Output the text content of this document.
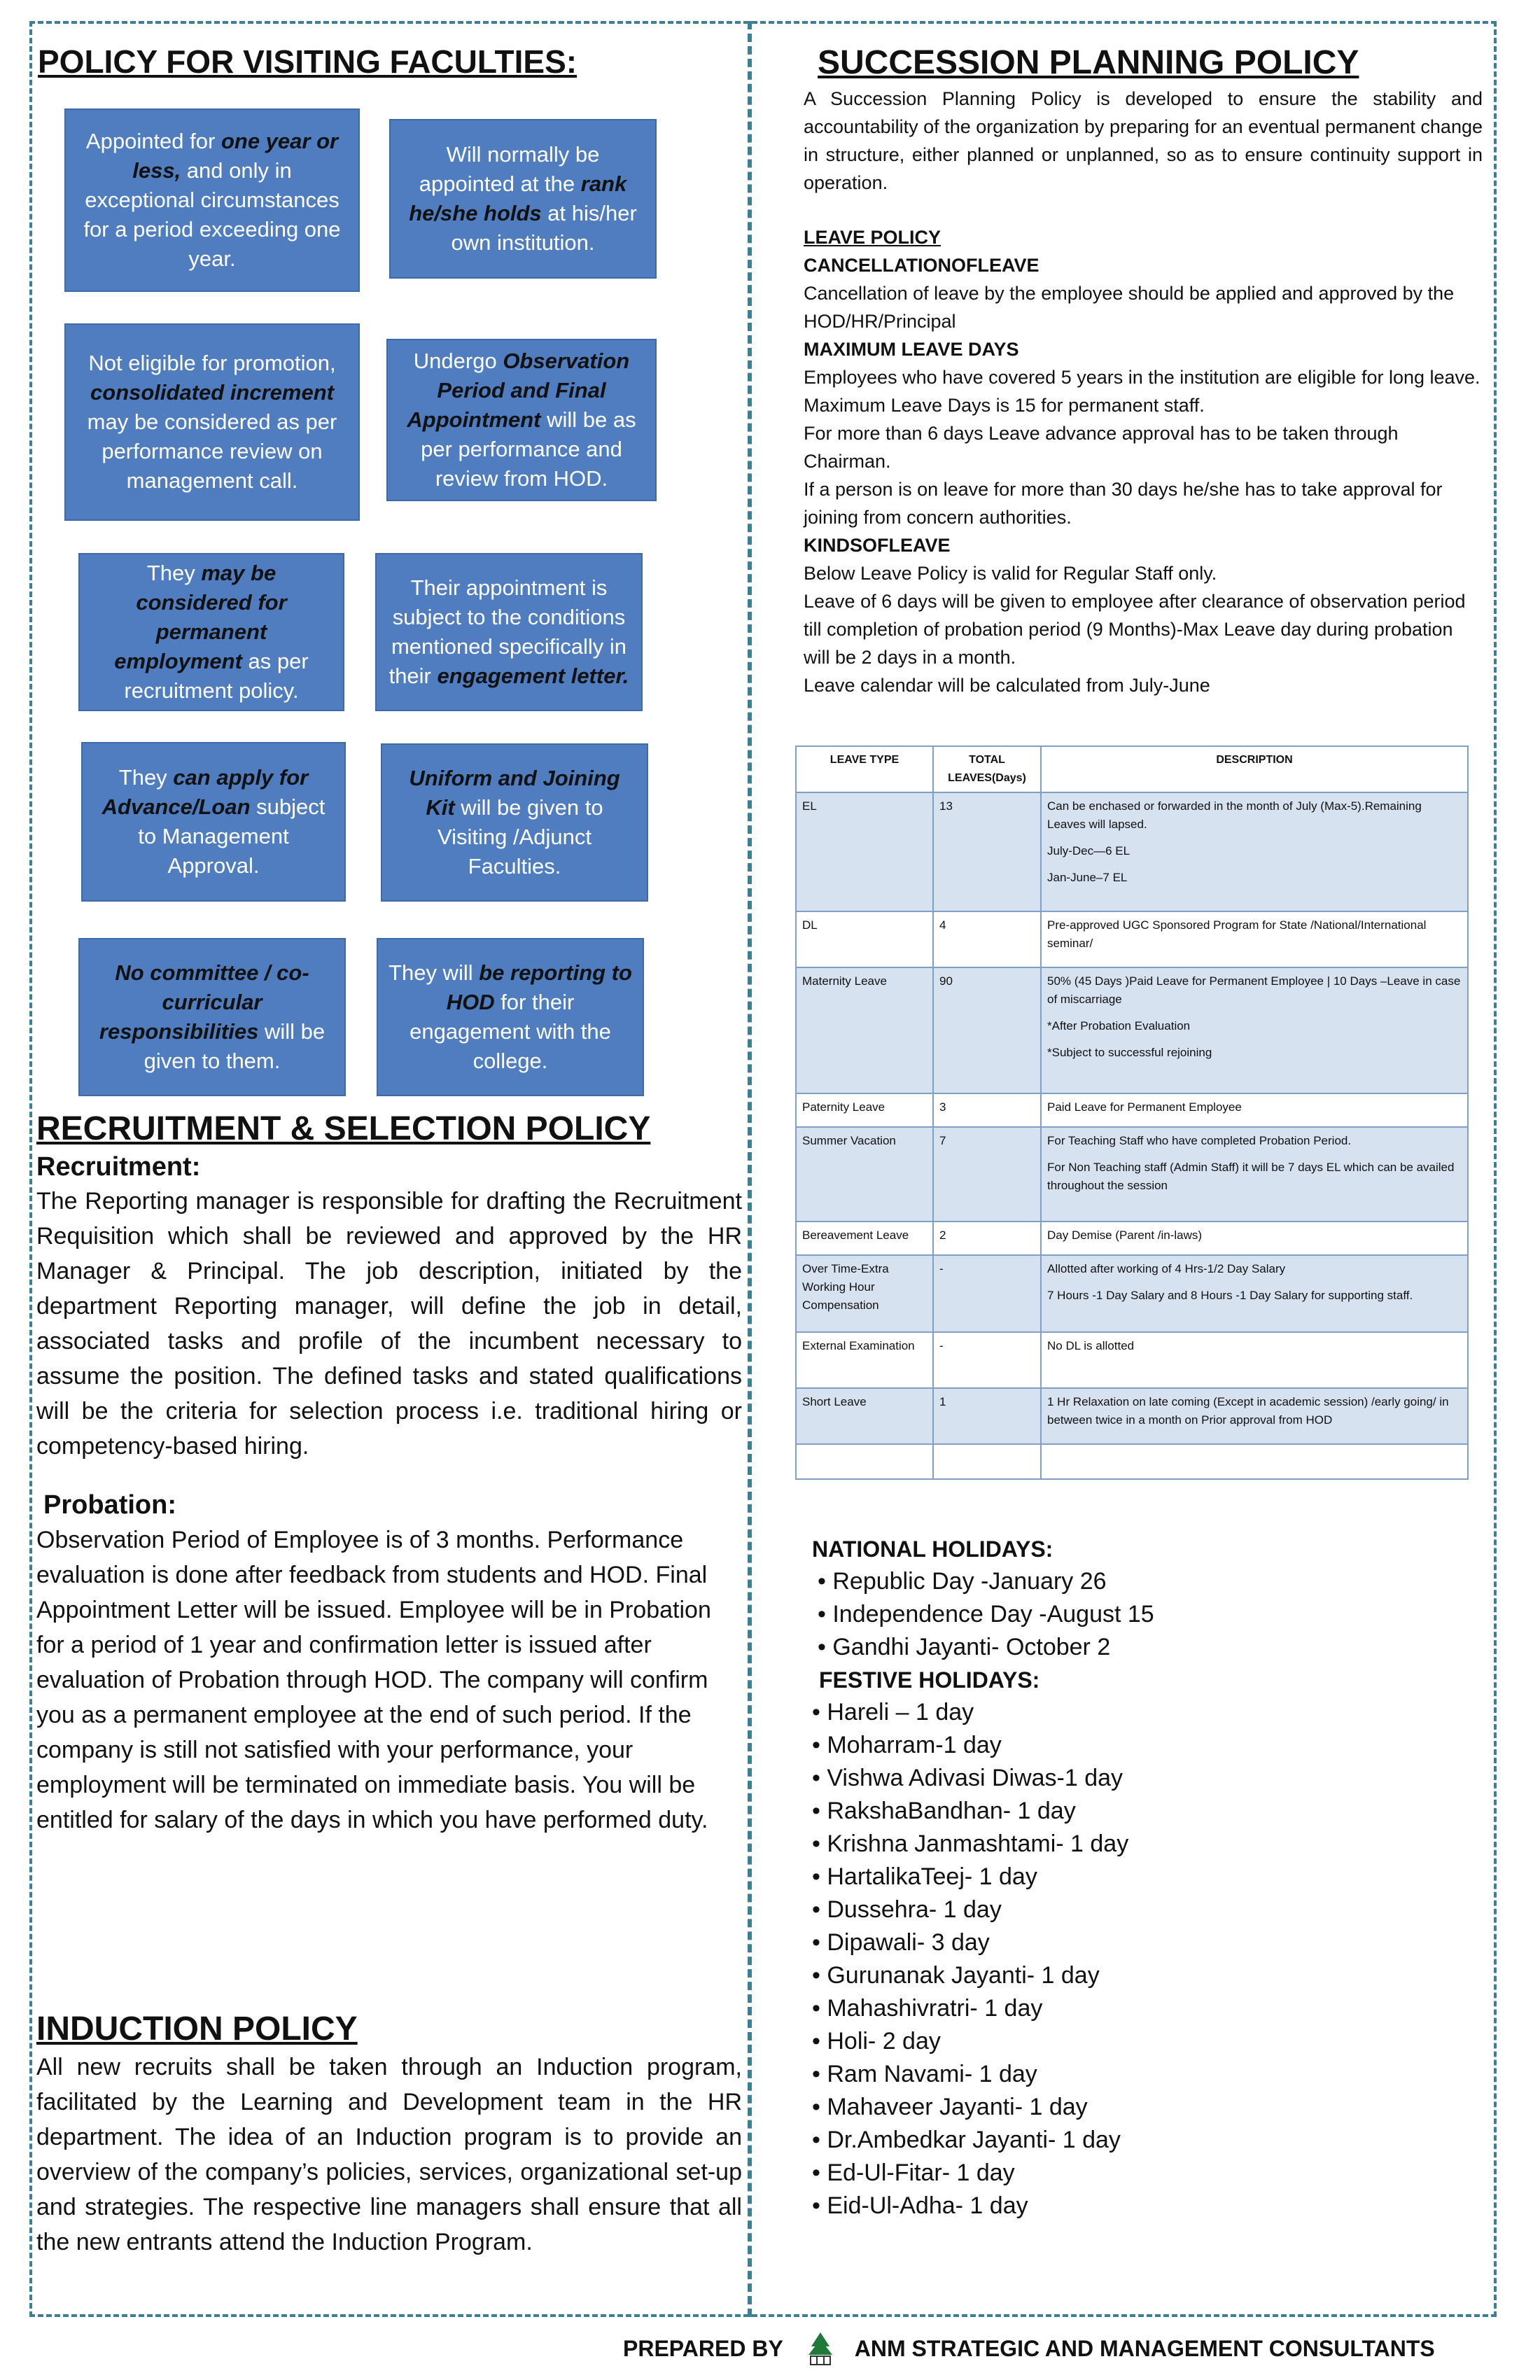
POLICY FOR VISITING FACULTIES:
Appointed for one year or less, and only in exceptional circumstances for a period exceeding one year.
Will normally be appointed at the rank he/she holds at his/her own institution.
Not eligible for promotion, consolidated increment may be considered as per performance review on management call.
Undergo Observation Period and Final Appointment will be as per performance and review from HOD.
They may be considered for permanent employment as per recruitment policy.
Their appointment is subject to the conditions mentioned specifically in their engagement letter.
They can apply for Advance/Loan subject to Management Approval.
Uniform and Joining Kit will be given to Visiting /Adjunct Faculties.
No committee / co-curricular responsibilities will be given to them.
They will be reporting to HOD for their engagement with the college.
RECRUITMENT & SELECTION POLICY
Recruitment:

The Reporting manager is responsible for drafting the Recruitment Requisition which shall be reviewed and approved by the HR Manager & Principal. The job description, initiated by the department Reporting manager, will define the job in detail, associated tasks and profile of the incumbent necessary to assume the position. The defined tasks and stated qualifications will be the criteria for selection process i.e. traditional hiring or competency-based hiring.

Probation:

Observation Period of Employee is of 3 months. Performance evaluation is done after feedback from students and HOD. Final Appointment Letter will be issued. Employee will be in Probation for a period of 1 year and confirmation letter is issued after evaluation of Probation through HOD. The company will confirm you as a permanent employee at the end of such period. If the company is still not satisfied with your performance, your employment will be terminated on immediate basis. You will be entitled for salary of the days in which you have performed duty.

INDUCTION POLICY

All new recruits shall be taken through an Induction program, facilitated by the Learning and Development team in the HR department. The idea of an Induction program is to provide an overview of the company’s policies, services, organizational set-up and strategies. The respective line managers shall ensure that all the new entrants attend the Induction Program.

SUCCESSION PLANNING POLICY

A Succession Planning Policy is developed to ensure the stability and accountability of the organization by preparing for an eventual permanent change in structure, either planned or unplanned, so as to ensure continuity support in operation.

LEAVE POLICY

CANCELLATIONOFLEAVE

Cancellation of leave by the employee should be applied and approved by the HOD/HR/Principal

MAXIMUM LEAVE DAYS

Employees who have covered 5 years in the institution are eligible for long leave.

Maximum Leave Days is 15 for permanent staff.

For more than 6 days Leave advance approval has to be taken through Chairman.

If a person is on leave for more than 30 days he/she has to take approval for joining from concern authorities.

KINDSOFLEAVE

Below Leave Policy is valid for Regular Staff only.

Leave of 6 days will be given to employee after clearance of observation period till completion of probation period (9 Months)-Max Leave day during probation will be 2 days in a month.

Leave calendar will be calculated from July-June

LEAVE TYPE	TOTAL LEAVES(Days)	DESCRIPTION
EL	13	Can be enchased or forwarded in the month of July (Max-5).Remaining Leaves will lapsed.

July-Dec—6 EL

Jan-June–7 EL

DL	4	Pre-approved UGC Sponsored Program for State /National/International seminar/

Maternity Leave	90	50% (45 Days )Paid Leave for Permanent Employee | 10 Days –Leave in case of miscarriage

*After Probation Evaluation

*Subject to successful rejoining

Paternity Leave	3	Paid Leave for Permanent Employee

Summer Vacation	7	For Teaching Staff who have completed Probation Period.

For Non Teaching staff (Admin Staff) it will be 7 days EL which can be availed throughout the session

Bereavement Leave	2	Day Demise (Parent /in-laws)

Over Time-Extra Working Hour Compensation	-	Allotted after working of 4 Hrs-1/2 Day Salary

7 Hours -1 Day Salary and 8 Hours -1 Day Salary for supporting staff.

External Examination	-	No DL is allotted

Short Leave	1	1 Hr Relaxation on late coming (Except in academic session) /early going/ in between twice in a month on Prior approval from HOD

NATIONAL HOLIDAYS:

• Republic Day -January 26
• Independence Day -August 15
• Gandhi Jayanti- October 2

FESTIVE HOLIDAYS:

• Hareli – 1 day
• Moharram-1 day
• Vishwa Adivasi Diwas-1 day
• RakshaBandhan- 1 day
• Krishna Janmashtami- 1 day
• HartalikaTeej- 1 day
• Dussehra- 1 day
• Dipawali- 3 day
• Gurunanak Jayanti- 1 day
• Mahashivratri- 1 day
• Holi- 2 day
• Ram Navami- 1 day
• Mahaveer Jayanti- 1 day
• Dr.Ambedkar Jayanti- 1 day
• Ed-Ul-Fitar- 1 day
• Eid-Ul-Adha- 1 day
PREPARED BY	ANM STRATEGIC AND MANAGEMENT CONSULTANTS
